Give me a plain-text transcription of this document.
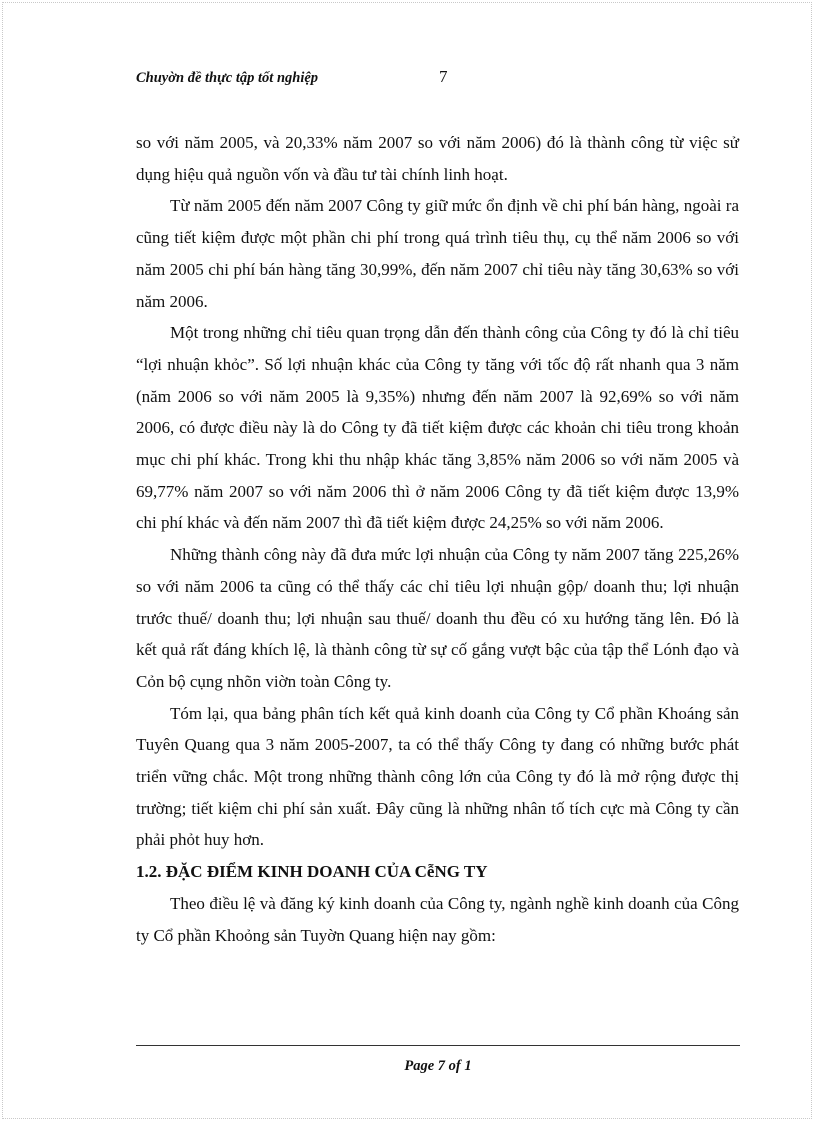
Chuyờn đề thực tập tốt nghiệp	7

so với năm 2005, và 20,33% năm 2007 so với năm 2006) đó là thành công từ việc sử dụng hiệu quả nguồn vốn và đầu tư tài chính linh hoạt.

Từ năm 2005 đến năm 2007 Công ty giữ mức ổn định về chi phí bán hàng, ngoài ra cũng tiết kiệm được một phần chi phí trong quá trình tiêu thụ, cụ thể năm 2006 so với năm 2005 chi phí bán hàng tăng 30,99%, đến năm 2007 chỉ tiêu này tăng 30,63% so với năm 2006.

Một trong những chỉ tiêu quan trọng dẫn đến thành công của Công ty đó là chỉ tiêu “lợi nhuận khỏc”. Số lợi nhuận khác của Công ty tăng với tốc độ rất nhanh qua 3 năm (năm 2006 so với năm 2005 là 9,35%) nhưng đến năm 2007 là 92,69% so với năm 2006, có được điều này là do Công ty đã tiết kiệm được các khoản chi tiêu trong khoản mục chi phí khác. Trong khi thu nhập khác tăng 3,85% năm 2006 so với năm 2005 và 69,77% năm 2007 so với năm 2006 thì ở năm 2006 Công ty đã tiết kiệm được 13,9% chi phí khác và đến năm 2007 thì đã tiết kiệm được 24,25% so với năm 2006.

Những thành công này đã đưa mức lợi nhuận của Công ty năm 2007 tăng 225,26% so với năm 2006 ta cũng có thể thấy các chỉ tiêu lợi nhuận gộp/ doanh thu; lợi nhuận trước thuế/ doanh thu; lợi nhuận sau thuế/ doanh thu đều có xu hướng tăng lên. Đó là kết quả rất đáng khích lệ, là thành công từ sự cố gắng vượt bậc của tập thể Lónh đạo và Cỏn bộ cụng nhõn viờn toàn Công ty.

Tóm lại, qua bảng phân tích kết quả kinh doanh của Công ty Cổ phần Khoáng sản Tuyên Quang qua 3 năm 2005-2007, ta có thể thấy Công ty đang có những bước phát triển vững chắc. Một trong những thành công lớn của Công ty đó là mở rộng được thị trường; tiết kiệm chi phí sản xuất. Đây cũng là những nhân tố tích cực mà Công ty cần phải phỏt huy hơn.

1.2. ĐẶC ĐIỂM KINH DOANH CỦA CễNG TY

Theo điều lệ và đăng ký kinh doanh của Công ty, ngành nghề kinh doanh của Công ty Cổ phần Khoỏng sản Tuyờn Quang hiện nay gồm:

Page 7 of 1
